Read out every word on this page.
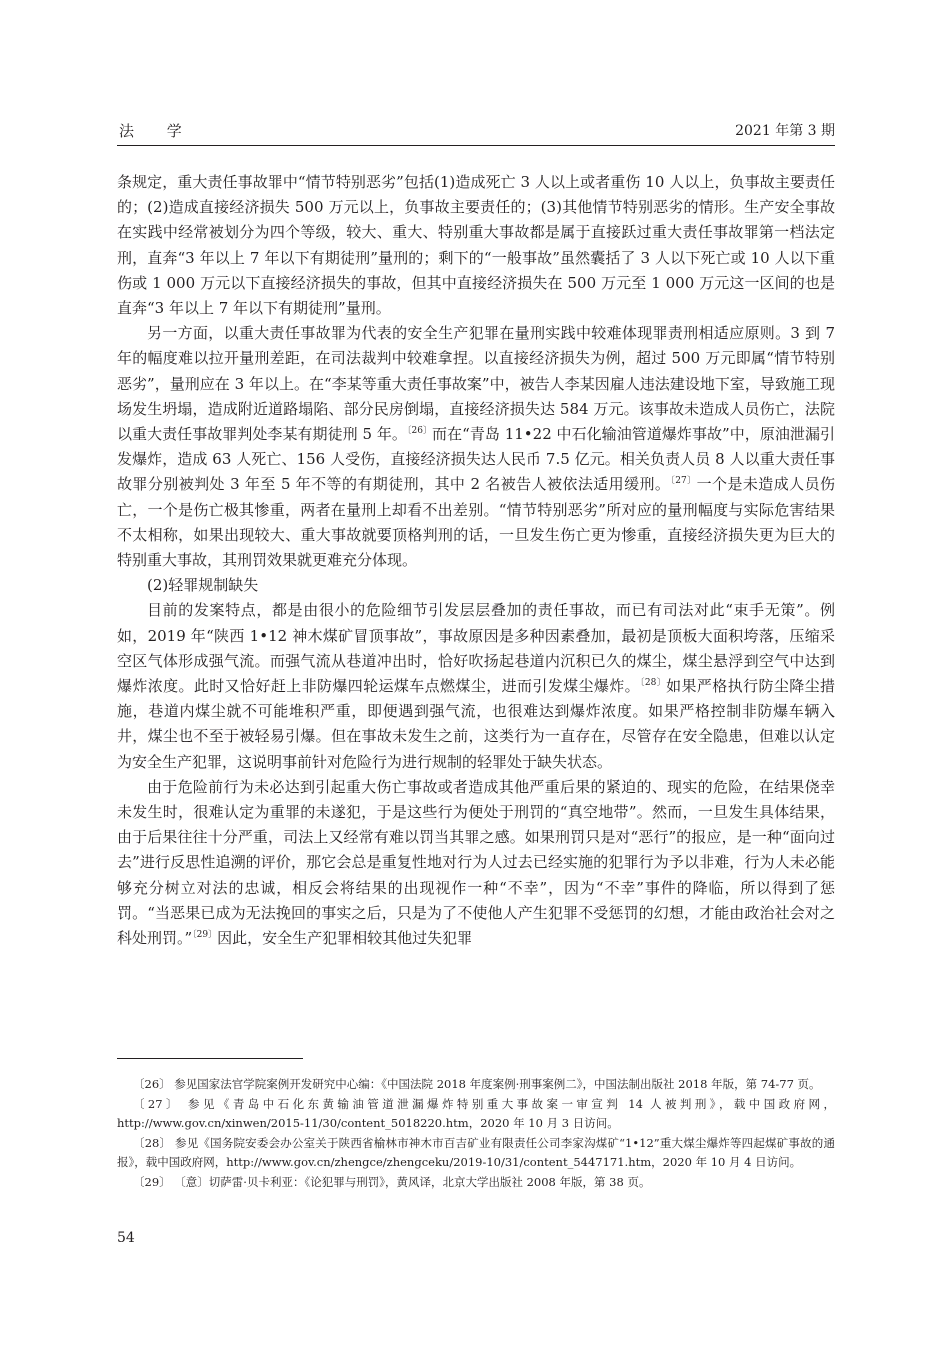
法 学	2021 年第 3 期

条规定，重大责任事故罪中“情节特别恶劣”包括(1)造成死亡 3 人以上或者重伤 10 人以上，负事故主要责任的；(2)造成直接经济损失 500 万元以上，负事故主要责任的；(3)其他情节特别恶劣的情形。生产安全事故在实践中经常被划分为四个等级，较大、重大、特别重大事故都是属于直接跃过重大责任事故罪第一档法定刑，直奔“3 年以上 7 年以下有期徒刑”量刑的；剩下的“一般事故”虽然囊括了 3 人以下死亡或 10 人以下重伤或 1 000 万元以下直接经济损失的事故，但其中直接经济损失在 500 万元至 1 000 万元这一区间的也是直奔“3 年以上 7 年以下有期徒刑”量刑。

另一方面，以重大责任事故罪为代表的安全生产犯罪在量刑实践中较难体现罪责刑相适应原则。3 到 7 年的幅度难以拉开量刑差距，在司法裁判中较难拿捏。以直接经济损失为例，超过 500 万元即属“情节特别恶劣”，量刑应在 3 年以上。在“李某等重大责任事故案”中，被告人李某因雇人违法建设地下室，导致施工现场发生坍塌，造成附近道路塌陷、部分民房倒塌，直接经济损失达 584 万元。该事故未造成人员伤亡，法院以重大责任事故罪判处李某有期徒刑 5 年。$^{〔26〕}$而在“青岛 11•22 中石化输油管道爆炸事故”中，原油泄漏引发爆炸，造成 63 人死亡、156 人受伤，直接经济损失达人民币 7.5 亿元。相关负责人员 8 人以重大责任事故罪分别被判处 3 年至 5 年不等的有期徒刑，其中 2 名被告人被依法适用缓刑。$^{〔27〕}$一个是未造成人员伤亡，一个是伤亡极其惨重，两者在量刑上却看不出差别。“情节特别恶劣”所对应的量刑幅度与实际危害结果不太相称，如果出现较大、重大事故就要顶格判刑的话，一旦发生伤亡更为惨重，直接经济损失更为巨大的特别重大事故，其刑罚效果就更难充分体现。

(2)轻罪规制缺失

目前的发案特点，都是由很小的危险细节引发层层叠加的责任事故，而已有司法对此“束手无策”。例如，2019 年“陕西 1•12 神木煤矿冒顶事故”，事故原因是多种因素叠加，最初是顶板大面积垮落，压缩采空区气体形成强气流。而强气流从巷道冲出时，恰好吹扬起巷道内沉积已久的煤尘，煤尘悬浮到空气中达到爆炸浓度。此时又恰好赶上非防爆四轮运煤车点燃煤尘，进而引发煤尘爆炸。$^{〔28〕}$如果严格执行防尘降尘措施，巷道内煤尘就不可能堆积严重，即便遇到强气流，也很难达到爆炸浓度。如果严格控制非防爆车辆入井，煤尘也不至于被轻易引爆。但在事故未发生之前，这类行为一直存在，尽管存在安全隐患，但难以认定为安全生产犯罪，这说明事前针对危险行为进行规制的轻罪处于缺失状态。

由于危险前行为未必达到引起重大伤亡事故或者造成其他严重后果的紧迫的、现实的危险，在结果侥幸未发生时，很难认定为重罪的未遂犯，于是这些行为便处于刑罚的“真空地带”。然而，一旦发生具体结果，由于后果往往十分严重，司法上又经常有难以罚当其罪之感。如果刑罚只是对“恶行”的报应，是一种“面向过去”进行反思性追溯的评价，那它会总是重复性地对行为人过去已经实施的犯罪行为予以非难，行为人未必能够充分树立对法的忠诚，相反会将结果的出现视作一种“不幸”，因为“不幸”事件的降临，所以得到了惩罚。“当恶果已成为无法挽回的事实之后，只是为了不使他人产生犯罪不受惩罚的幻想，才能由政治社会对之科处刑罚。”$^{〔29〕}$因此，安全生产犯罪相较其他过失犯罪

〔26〕 参见国家法官学院案例开发研究中心编：《中国法院 2018 年度案例·刑事案例二》，中国法制出版社 2018 年版，第 74-77 页。

〔27〕 参见《青岛中石化东黄输油管道泄漏爆炸特别重大事故案一审宣判 14 人被判刑》，载中国政府网，http://www.gov.cn/xinwen/2015-11/30/content_5018220.htm，2020 年 10 月 3 日访问。

〔28〕 参见《国务院安委会办公室关于陕西省榆林市神木市百吉矿业有限责任公司李家沟煤矿“1•12”重大煤尘爆炸等四起煤矿事故的通报》，载中国政府网，http://www.gov.cn/zhengce/zhengceku/2019-10/31/content_5447171.htm，2020 年 10 月 4 日访问。

〔29〕 〔意〕切萨雷·贝卡利亚：《论犯罪与刑罚》，黄风译，北京大学出版社 2008 年版，第 38 页。

54
